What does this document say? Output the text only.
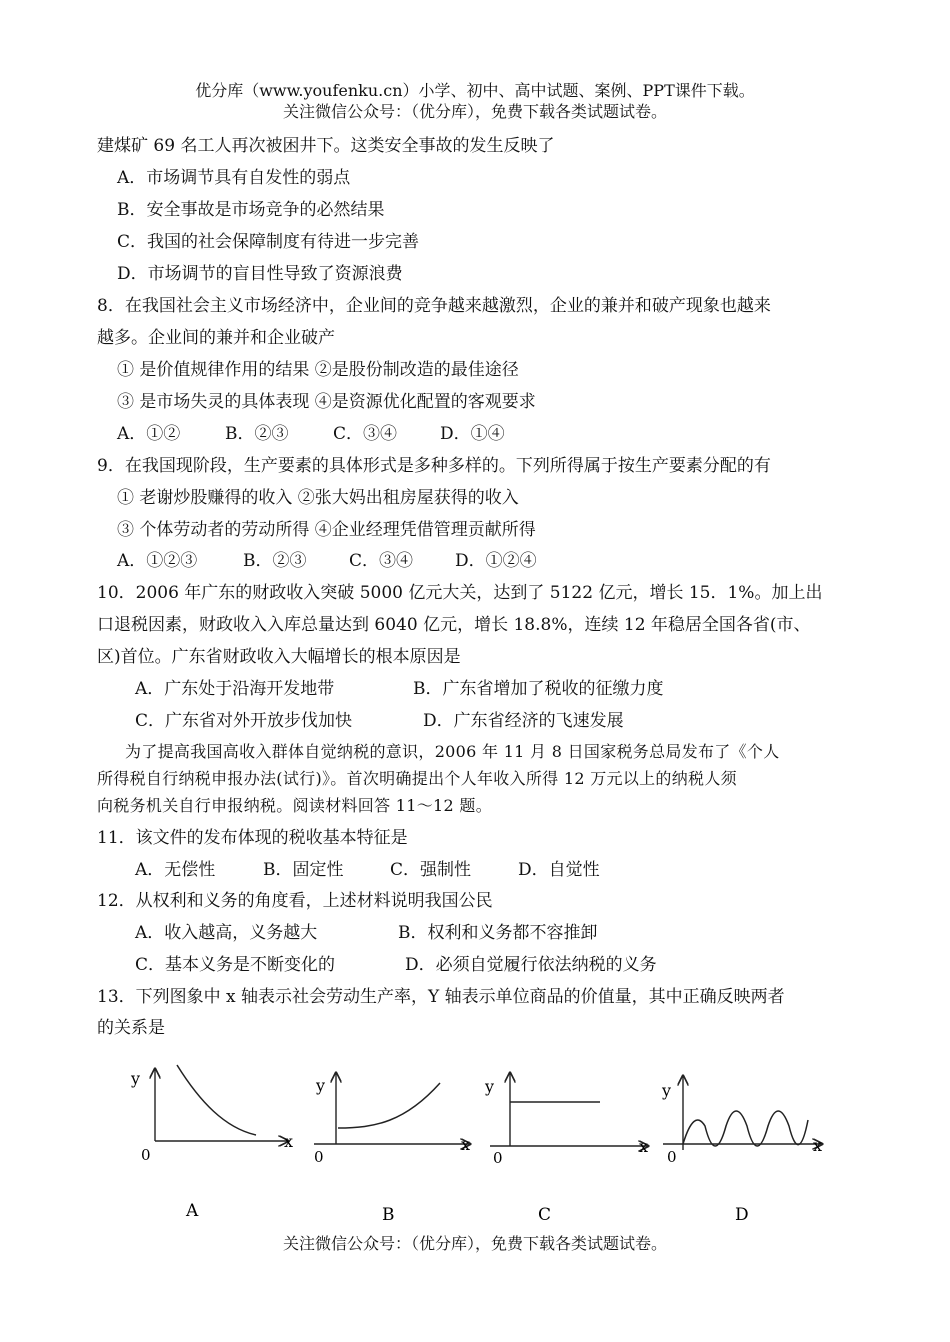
优分库（www.youfenku.cn）小学、初中、高中试题、案例、PPT课件下载。
关注微信公众号：（优分库），免费下载各类试题试卷。
建煤矿 69 名工人再次被困井下。这类安全事故的发生反映了
A．市场调节具有自发性的弱点
B．安全事故是市场竞争的必然结果
C．我国的社会保障制度有待进一步完善
D．市场调节的盲目性导致了资源浪费
8．在我国社会主义市场经济中，企业间的竞争越来越激烈，企业的兼并和破产现象也越来
越多。企业间的兼并和企业破产
① 是价值规律作用的结果 ②是股份制改造的最佳途径
③ 是市场失灵的具体表现 ④是资源优化配置的客观要求
A．①②	B．②③	C．③④	D．①④
9．在我国现阶段，生产要素的具体形式是多种多样的。下列所得属于按生产要素分配的有
① 老谢炒股赚得的收入 ②张大妈出租房屋获得的收入
③ 个体劳动者的劳动所得 ④企业经理凭借管理贡献所得
A．①②③	B．②③	C．③④ D．①②④
10．2006 年广东的财政收入突破 5000 亿元大关，达到了 5122 亿元，增长 15．1%。加上出
口退税因素，财政收入入库总量达到 6040 亿元，增长 18.8%，连续 12 年稳居全国各省(市、
区)首位。广东省财政收入大幅增长的根本原因是
A．广东处于沿海开发地带	B．广东省增加了税收的征缴力度
C．广东省对外开放步伐加快	D．广东省经济的飞速发展
为了提高我国高收入群体自觉纳税的意识，2006 年 11 月 8 日国家税务总局发布了《个人
所得税自行纳税申报办法(试行)》。首次明确提出个人年收入所得 12 万元以上的纳税人须
向税务机关自行申报纳税。阅读材料回答 11～12 题。
11．该文件的发布体现的税收基本特征是
A．无偿性	B．固定性	C．强制性	D．自觉性
12．从权利和义务的角度看，上述材料说明我国公民
A．收入越高，义务越大	B．权利和义务都不容推卸
C．基本义务是不断变化的	D．必须自觉履行依法纳税的义务
13．下列图象中 x 轴表示社会劳动生产率，Y 轴表示单位商品的价值量，其中正确反映两者
的关系是
y
x
0
A
y
x
0
B
y
x
0
C
y
x
0
D
关注微信公众号：（优分库），免费下载各类试题试卷。
